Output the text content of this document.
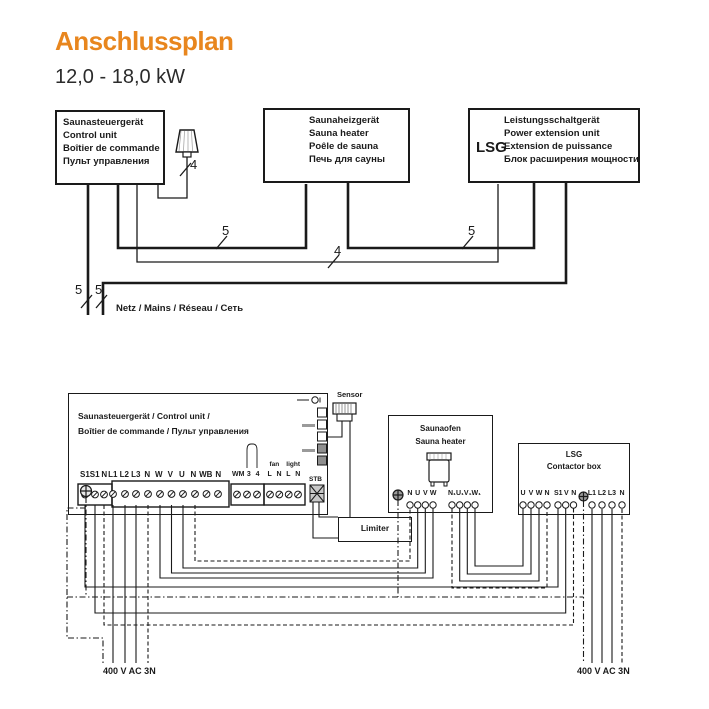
Anschlussplan
12,0 - 18,0 kW
Saunasteuergerät
Control unit
Boîtier de commande
Пульт управления
Saunaheizgerät
Sauna heater
Poêle de sauna
Печь для сауны
LSG
Leistungsschaltgerät
Power extension unit
Extension de puissance
Блок расширения мощности
4
5
4
5
5 5
Netz / Mains / Réseau / Сеть
Saunasteuergerät / Control unit /
Boîtier de commande / Пульт управления
S1 S1 N L1 L2 L3 N W V U N WB N	WM 3 4
fan	light
L N L N
STB
Sensor
Limiter
Saunaofen
Sauna heater
N U V W N₁ U₁ V₁ W₁
LSG
Contactor box
U V W N S1 V N L1 L2 L3 N
400 V AC 3N	400 V AC 3N
